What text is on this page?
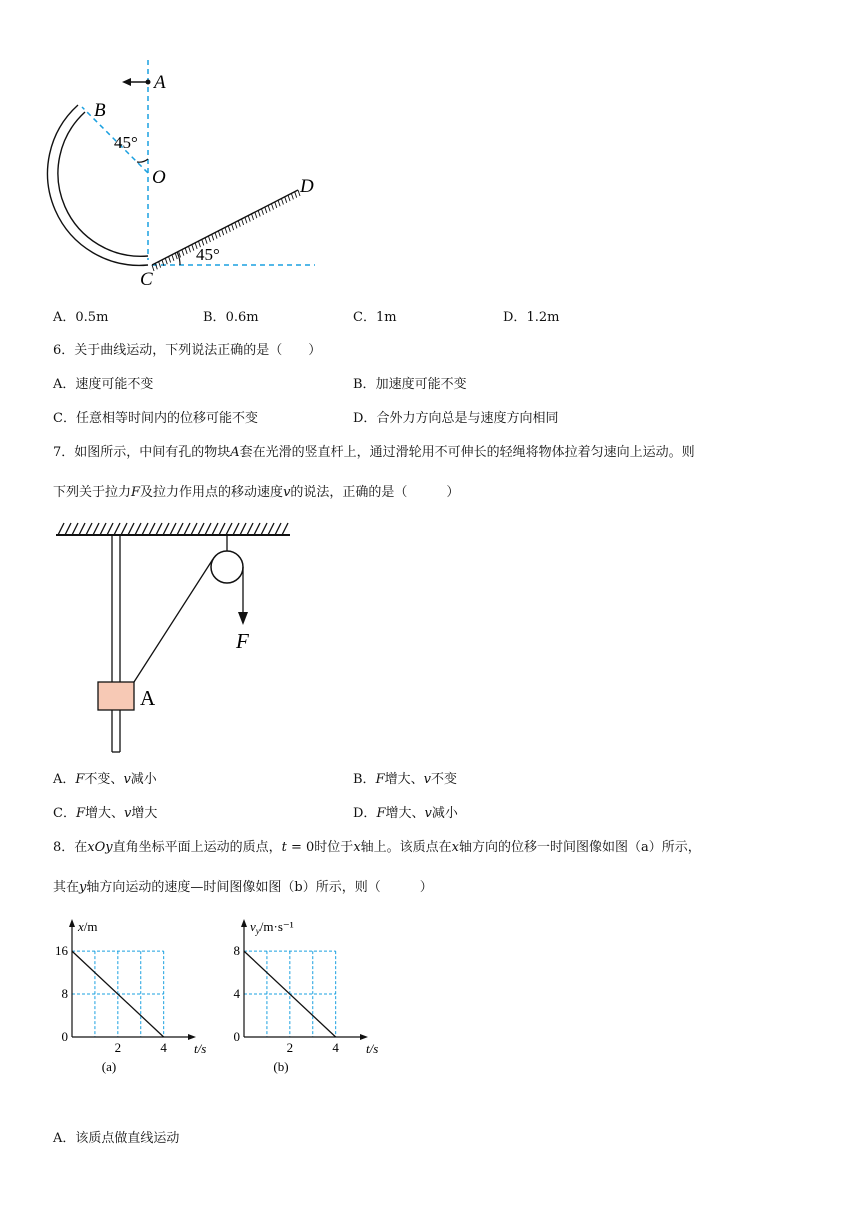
A
B
O
C
D
45°
45°
A．0.5m	B．0.6m	C．1m	D．1.2m
6．关于曲线运动，下列说法正确的是（　　）
A．速度可能不变	B．加速度可能不变
C．任意相等时间内的位移可能不变	D．合外力方向总是与速度方向相同
7．如图所示，中间有孔的物块A套在光滑的竖直杆上，通过滑轮用不可伸长的轻绳将物体拉着匀速向上运动。则
下列关于拉力F及拉力作用点的移动速度v的说法，正确的是（　　　）
F
A
A．F不变、v减小	B．F增大、v不变
C．F增大、v增大	D．F增大、v减小
8．在xOy直角坐标平面上运动的质点，t = 0时位于x轴上。该质点在x轴方向的位移一时间图像如图（a）所示，
其在y轴方向运动的速度—时间图像如图（b）所示，则（　　　）
0
8
16
2	4 t/s
x/m
(a)
0
4
8
2	4 t/s
$v_y/m\cdot s^{-1}$
(b)
A．该质点做直线运动
